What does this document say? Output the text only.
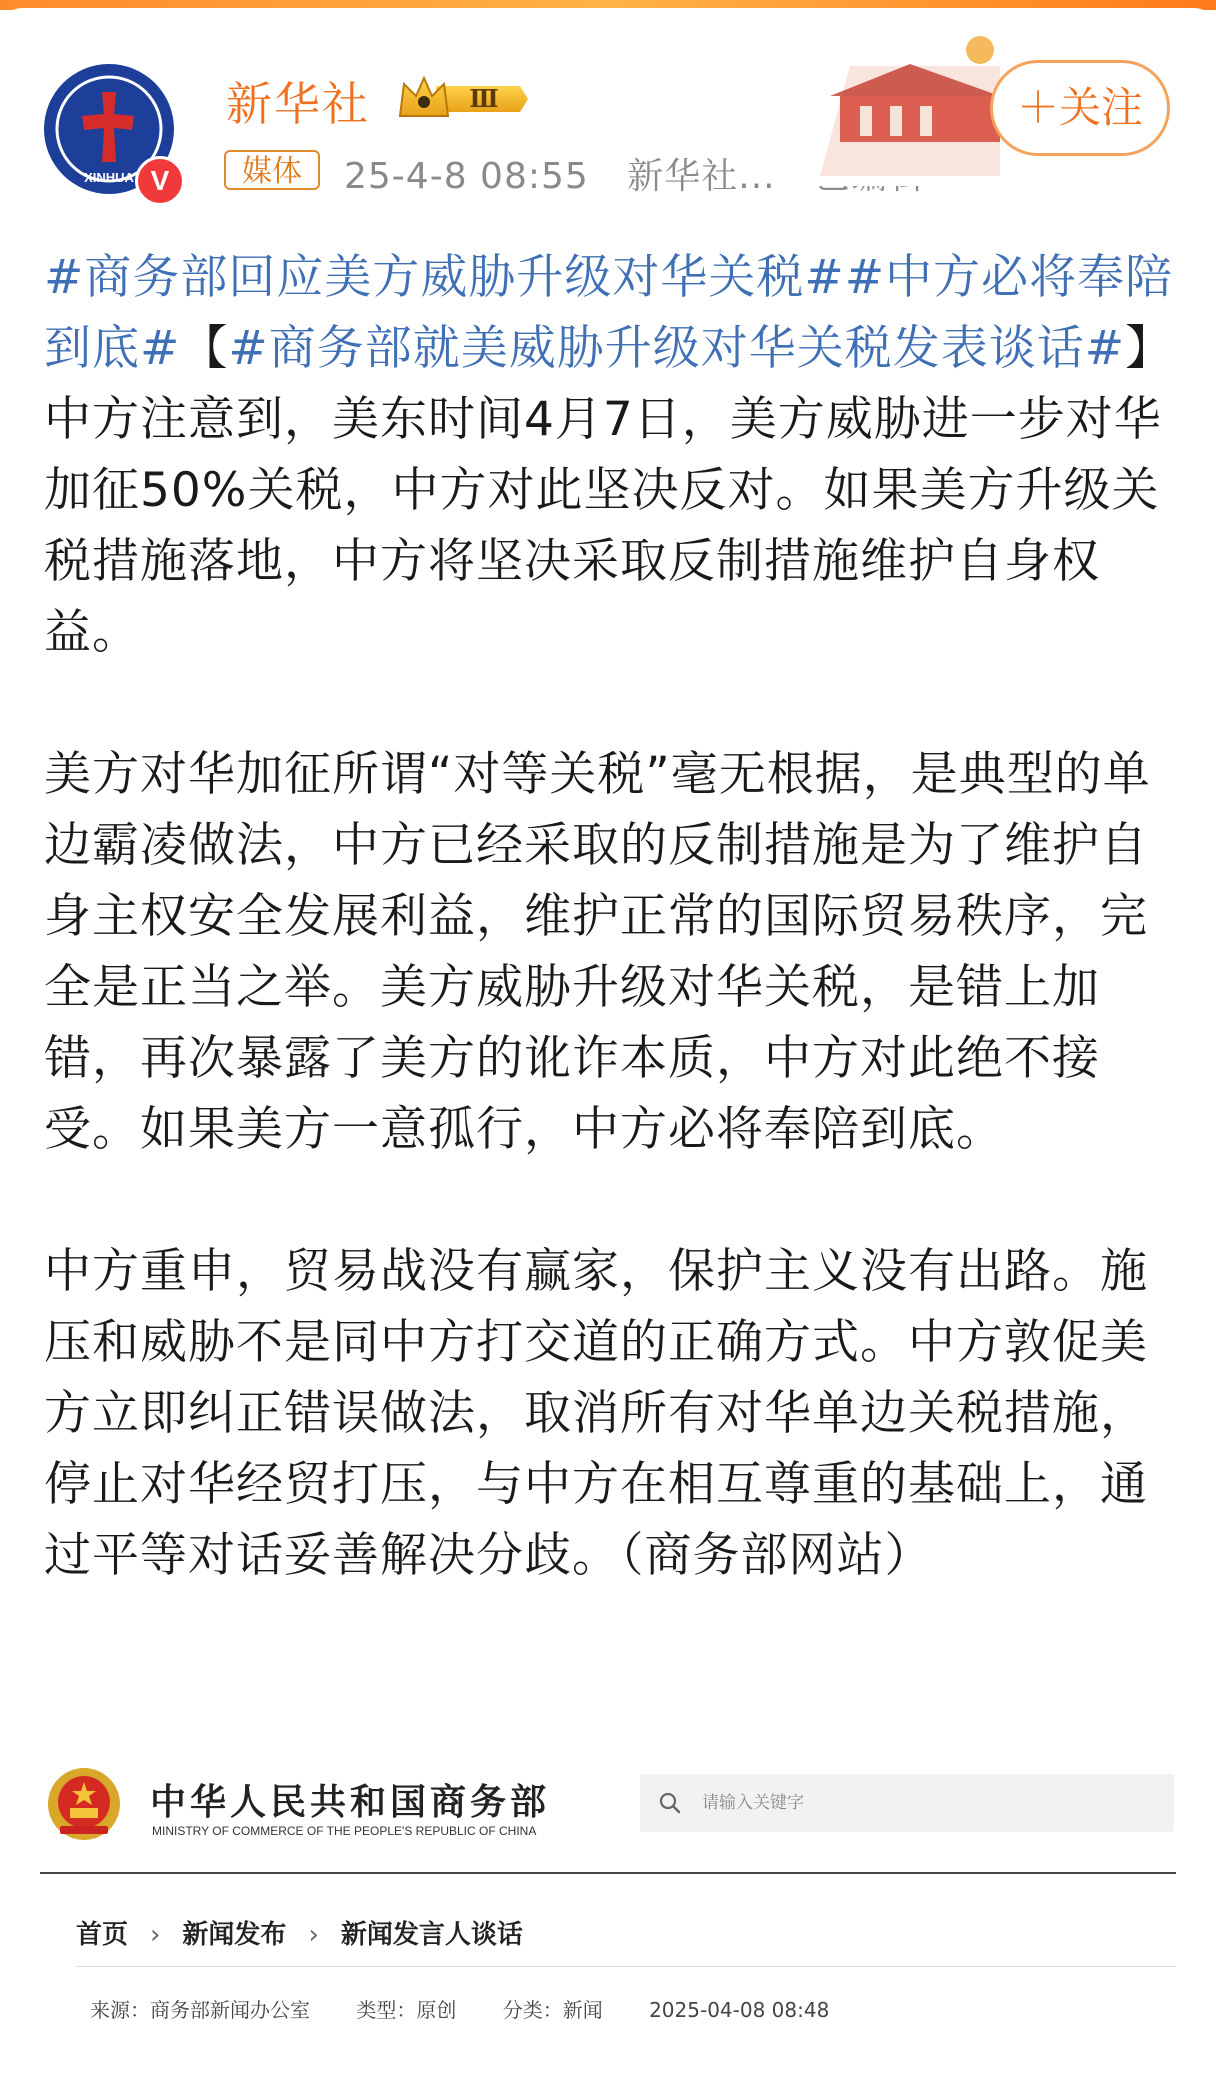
XINHUA V
新华社	Ⅲ
媒体	25-4-8 08:55 新华社...
＋关注

#商务部回应美方威胁升级对华关税##中方必将奉陪到底#【#商务部就美威胁升级对华关税发表谈话#】中方注意到，美东时间4月7日，美方威胁进一步对华加征50%关税，中方对此坚决反对。如果美方升级关税措施落地，中方将坚决采取反制措施维护自身权益。

美方对华加征所谓“对等关税”毫无根据，是典型的单边霸凌做法，中方已经采取的反制措施是为了维护自身主权安全发展利益，维护正常的国际贸易秩序，完全是正当之举。美方威胁升级对华关税，是错上加错，再次暴露了美方的讹诈本质，中方对此绝不接受。如果美方一意孤行，中方必将奉陪到底。

中方重申，贸易战没有赢家，保护主义没有出路。施压和威胁不是同中方打交道的正确方式。中方敦促美方立即纠正错误做法，取消所有对华单边关税措施，停止对华经贸打压，与中方在相互尊重的基础上，通过平等对话妥善解决分歧。（商务部网站）

中华人民共和国商务部
MINISTRY OF COMMERCE OF THE PEOPLE'S REPUBLIC OF CHINA
请输入关键字
首页 › 新闻发布 › 新闻发言人谈话
来源：商务部新闻办公室 类型：原创 分类：新闻 2025-04-08 08:48
